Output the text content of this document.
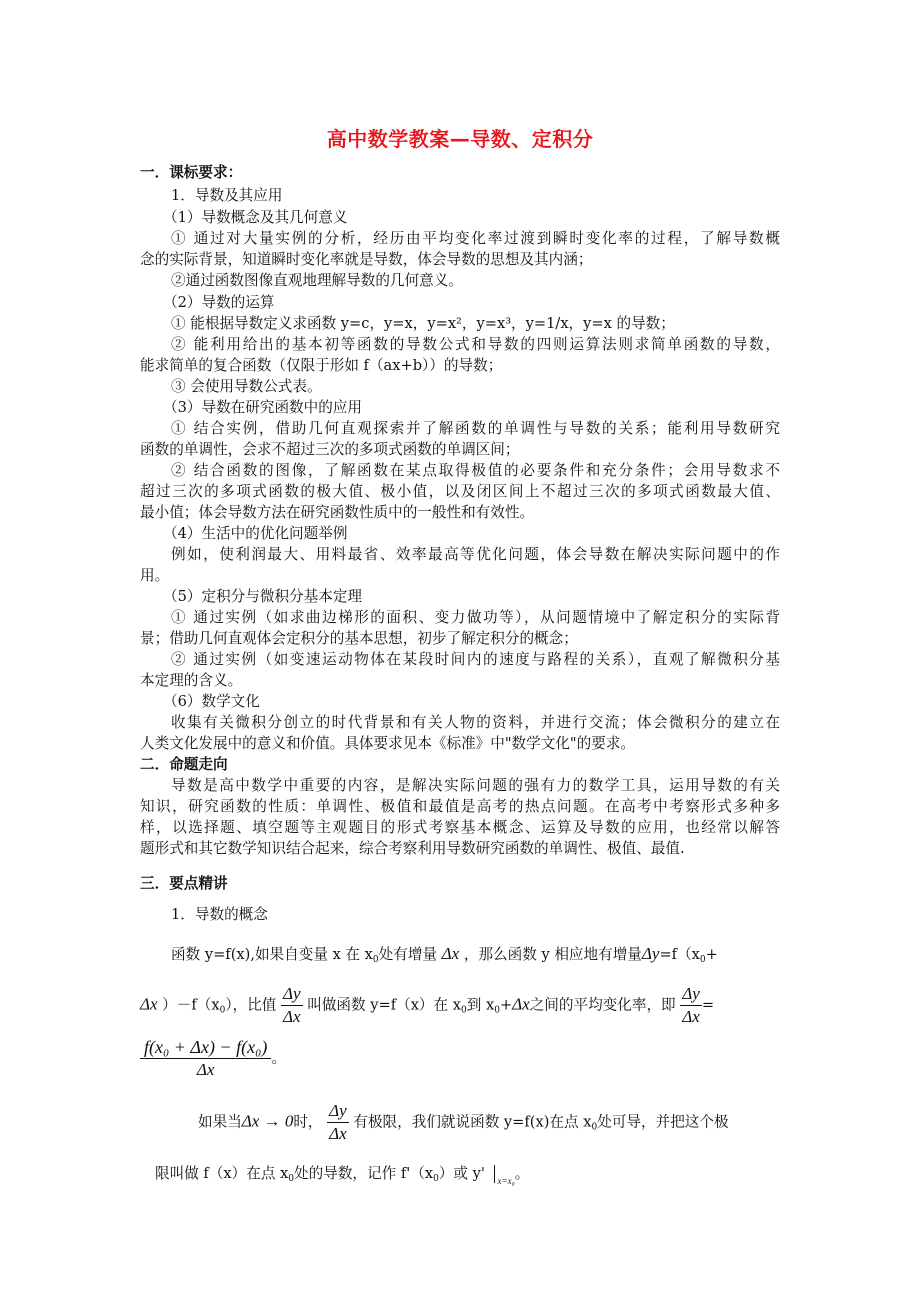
高中数学教案—导数、定积分
一．课标要求：
1．导数及其应用
（1）导数概念及其几何意义
① 通过对大量实例的分析，经历由平均变化率过渡到瞬时变化率的过程，了解导数概
念的实际背景，知道瞬时变化率就是导数，体会导数的思想及其内涵；
②通过函数图像直观地理解导数的几何意义。
（2）导数的运算
① 能根据导数定义求函数 y=c，y=x，y=x²，y=x³，y=1/x，y=x 的导数；
② 能利用给出的基本初等函数的导数公式和导数的四则运算法则求简单函数的导数，
能求简单的复合函数（仅限于形如 f（ax+b））的导数；
③ 会使用导数公式表。
（3）导数在研究函数中的应用
① 结合实例，借助几何直观探索并了解函数的单调性与导数的关系；能利用导数研究
函数的单调性，会求不超过三次的多项式函数的单调区间；
② 结合函数的图像，了解函数在某点取得极值的必要条件和充分条件；会用导数求不
超过三次的多项式函数的极大值、极小值，以及闭区间上不超过三次的多项式函数最大值、
最小值；体会导数方法在研究函数性质中的一般性和有效性。
（4）生活中的优化问题举例
例如，使利润最大、用料最省、效率最高等优化问题，体会导数在解决实际问题中的作
用。
（5）定积分与微积分基本定理
① 通过实例（如求曲边梯形的面积、变力做功等），从问题情境中了解定积分的实际背
景；借助几何直观体会定积分的基本思想，初步了解定积分的概念；
② 通过实例（如变速运动物体在某段时间内的速度与路程的关系），直观了解微积分基
本定理的含义。
（6）数学文化
收集有关微积分创立的时代背景和有关人物的资料，并进行交流；体会微积分的建立在
人类文化发展中的意义和价值。具体要求见本《标准》中"数学文化"的要求。
二．命题走向
导数是高中数学中重要的内容，是解决实际问题的强有力的数学工具，运用导数的有关
知识，研究函数的性质：单调性、极值和最值是高考的热点问题。在高考中考察形式多种多
样，以选择题、填空题等主观题目的形式考察基本概念、运算及导数的应用，也经常以解答
题形式和其它数学知识结合起来，综合考察利用导数研究函数的单调性、极值、最值.
三．要点精讲
1．导数的概念
函数 y=f(x),如果自变量 x 在 $x_0$处有增量 Δx ，那么函数 y 相应地有增量$\Delta y=f(x_0+$
Δx ）$-f(x_0)$，比值 $\frac{\Delta y}{\Delta x}$ 叫做函数 y=f（x）在 $x_0$到 $x_0+\Delta x$之间的平均变化率，即 $\frac{\Delta y}{\Delta x}$ =
$\frac{\text{f(x₀ + Δx) − f(x₀)}}{\Delta x}$ 。
如果当Δx → 0时， $\frac{\Delta y}{\Delta x}$ 有极限，我们就说函数 y=f(x)在点 $x_0$处可导，并把这个极
限叫做 f（x）在点 $x_0$处的导数，记作 $f'(x_0)$或 y' $_{x=x_0}$。
